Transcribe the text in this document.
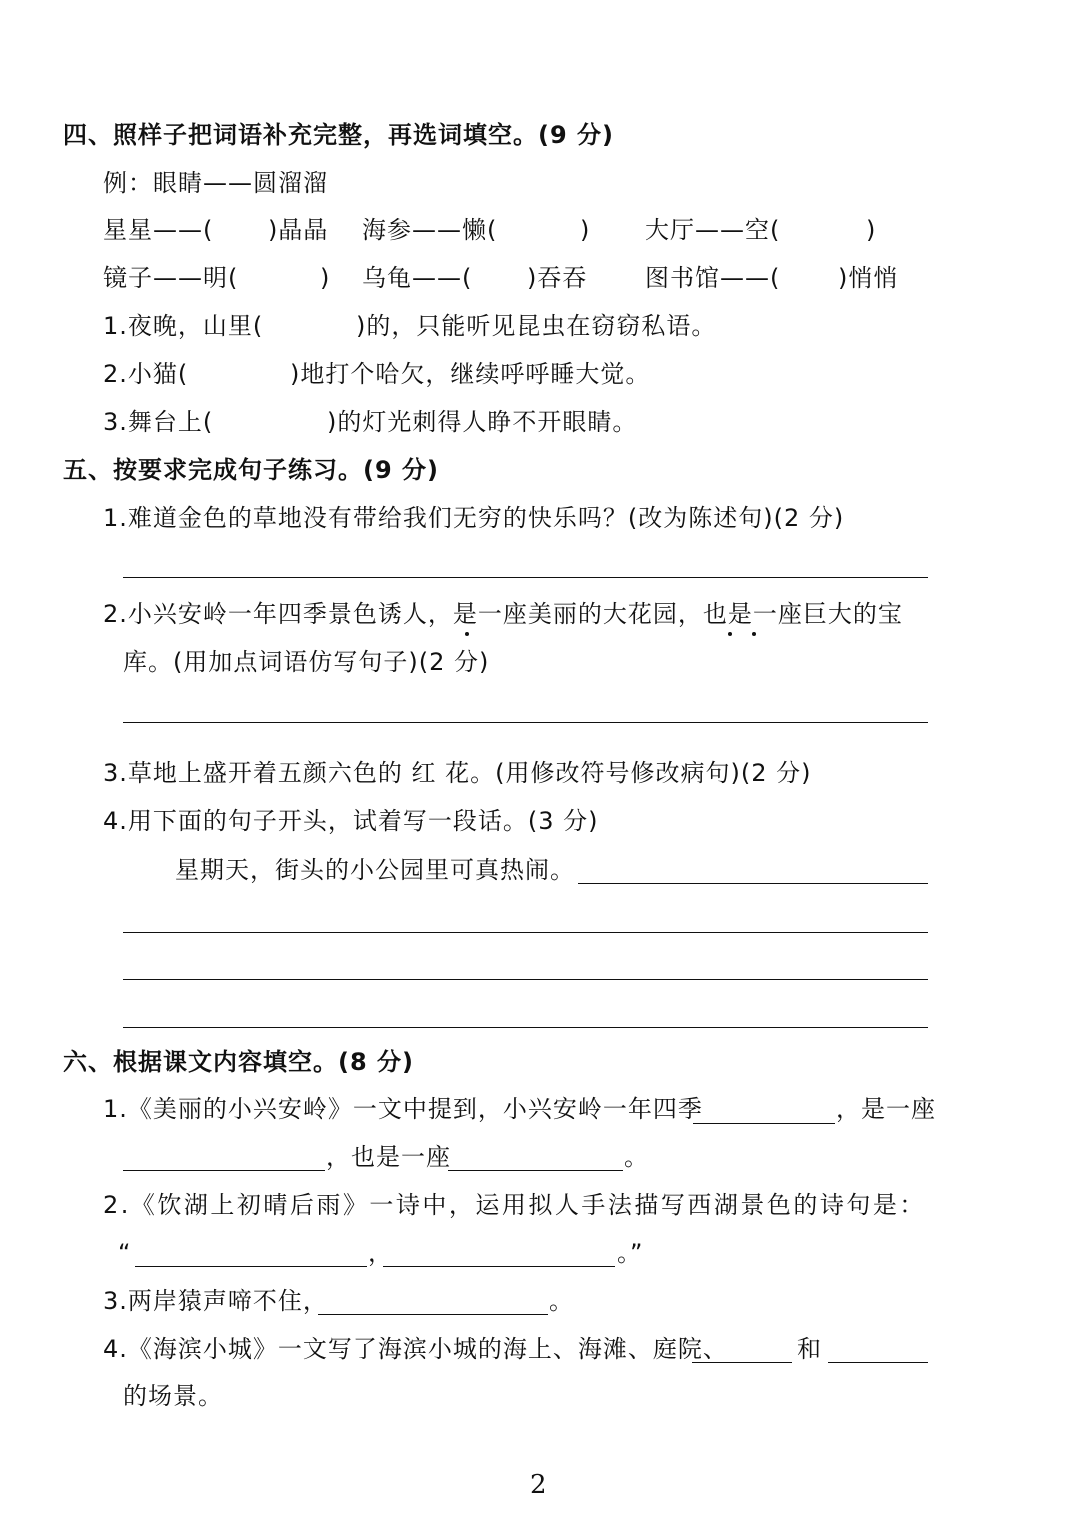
四、照样子把词语补充完整，再选词填空。(9 分)
例：眼睛——圆溜溜
星星——( )晶晶 海参——懒(	) 大厅——空(	)
镜子——明(	) 乌龟——( )吞吞 图书馆——( )悄悄
1.夜晚，山里(	)的，只能听见昆虫在窃窃私语。
2.小猫(	)地打个哈欠，继续呼呼睡大觉。
3.舞台上(	)的灯光刺得人睁不开眼睛。
五、按要求完成句子练习。(9 分)
1.难道金色的草地没有带给我们无穷的快乐吗？(改为陈述句)(2 分)
2.小兴安岭一年四季景色诱人，是一座美丽的大花园，也是一座巨大的宝
库。(用加点词语仿写句子)(2 分)
3.草地上盛开着五颜六色的 红 花。(用修改符号修改病句)(2 分)
4.用下面的句子开头，试着写一段话。(3 分)
星期天，街头的小公园里可真热闹。
六、根据课文内容填空。(8 分)
1.《美丽的小兴安岭》一文中提到，小兴安岭一年四季	，是一座
，也是一座	。
2.《饮湖上初晴后雨》一诗中，运用拟人手法描写西湖景色的诗句是：
“	，	。”
3.两岸猿声啼不住，	。
4.《海滨小城》一文写了海滨小城的海上、海滩、庭院、	和
的场景。
2
